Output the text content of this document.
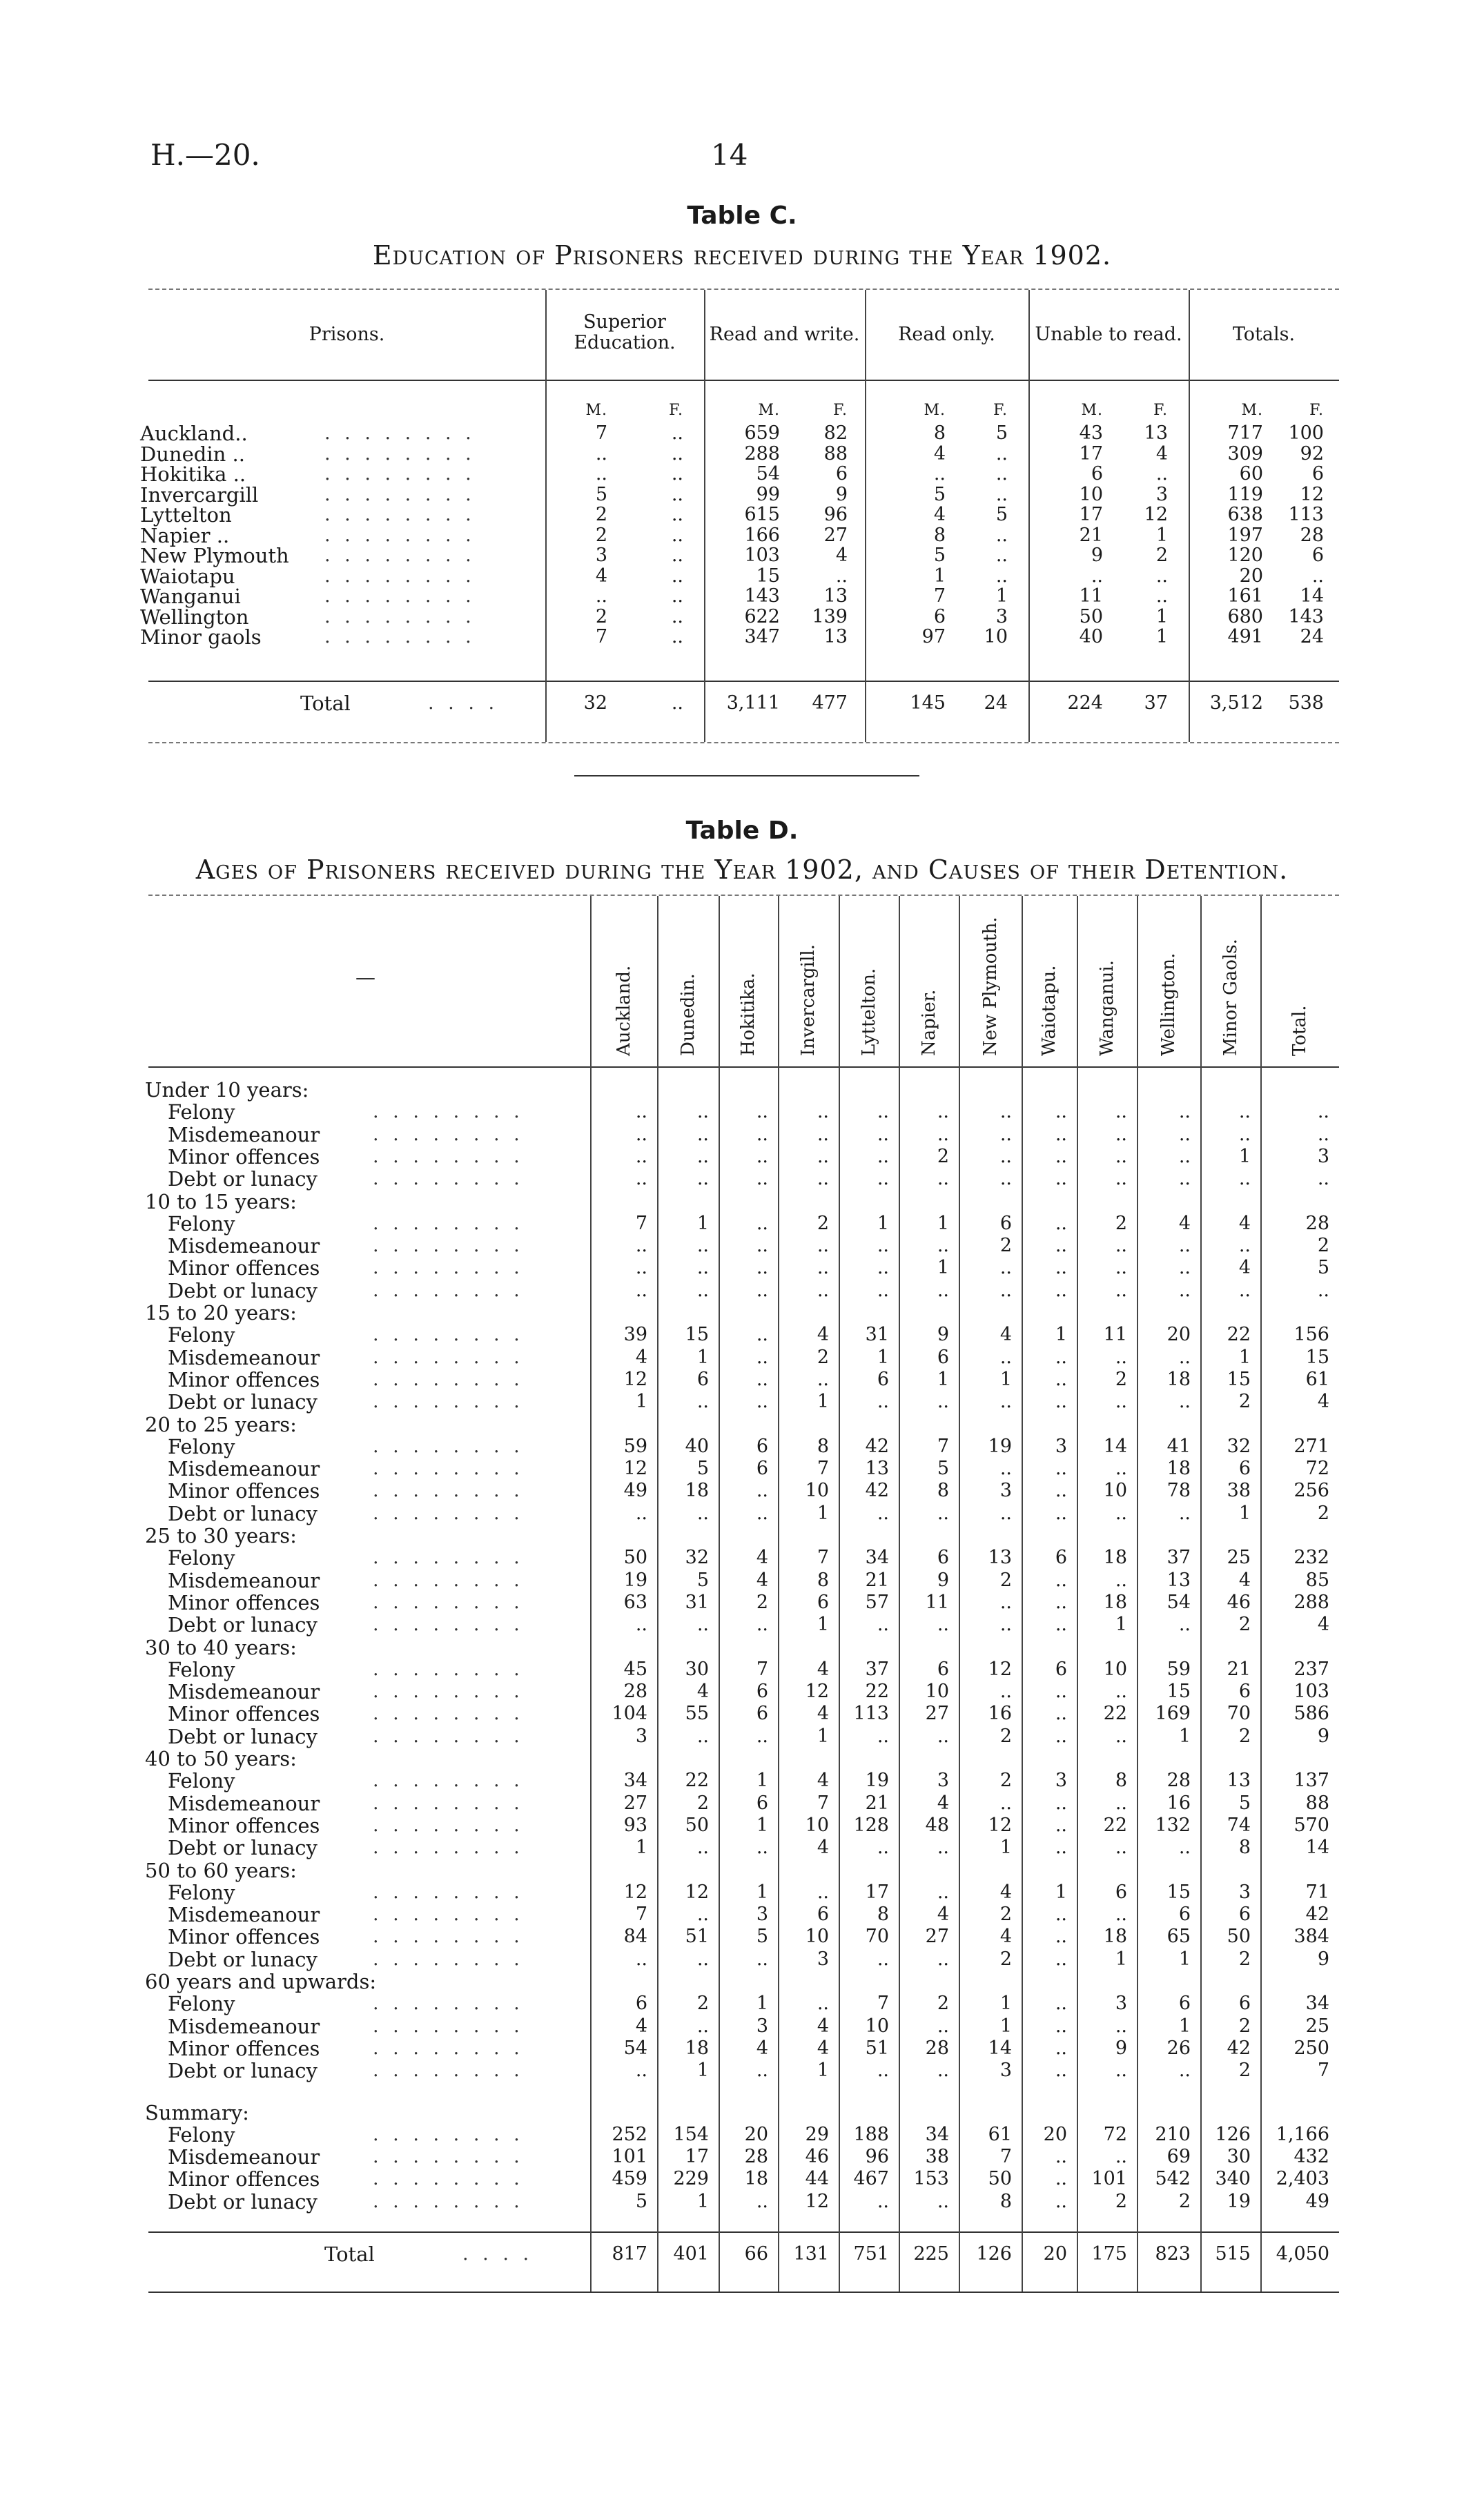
H.—20.	14
Table C.
Education of Prisoners received during the Year 1902.
Prisons.
Superior Education.	Read and write.	Read only.	Unable to read.	Totals.
M.	F.	M.	F.	M.	F.	M.	F.	M.	F.
Auckland..	. . . . . . . .	7	..	659	82	8	5	43	13	717	100
Dunedin ..	. . . . . . . .	..	..	288	88	4	..	17	4	309	92
Hokitika ..	. . . . . . . .	..	..	54	6	..	..	6	..	60	6
Invercargill	. . . . . . . .	5	..	99	9	5	..	10	3	119	12
Lyttelton	. . . . . . . .	2	..	615	96	4	5	17	12	638	113
Napier ..	. . . . . . . .	2	..	166	27	8	..	21	1	197	28
New Plymouth . . . . . . . .	3	..	103	4	5	..	9	2	120	6
Waiotapu	. . . . . . . .	4	..	15	..	1	..	..	..	20	..
Wanganui	. . . . . . . .	..	..	143	13	7	1	11	..	161	14
Wellington	. . . . . . . .	2	..	622	139	6	3	50	1	680	143
Minor gaols	. . . . . . . .	7	..	347	13	97	10	40	1	491	24
Total	. . . .	32	..	3,111	477	145	24	224	37	3,512	538
Table D.
Ages of Prisoners received during the Year 1902, and Causes of their Detention.
—	Auckland. Dunedin. Hokitika. Invercargill. Lyttelton. Napier. New Plymouth. Waiotapu. Wanganui. Wellington. Minor Gaols.	Total.
Under 10 years:
Felony	. . . . . . . .	..	..	..	..	..	..	..	..	..	..	..	..
Misdemeanour	. . . . . . . .	..	..	..	..	..	..	..	..	..	..	..	..
Minor offences	. . . . . . . .	..	..	..	..	..	2	..	..	..	..	1	3
Debt or lunacy	. . . . . . . .	..	..	..	..	..	..	..	..	..	..	..	..
10 to 15 years:
Felony	. . . . . . . .	7	1	..	2	1	1	6	..	2	4	4	28
Misdemeanour	. . . . . . . .	..	..	..	..	..	..	2	..	..	..	..	2
Minor offences	. . . . . . . .	..	..	..	..	..	1	..	..	..	..	4	5
Debt or lunacy	. . . . . . . .	..	..	..	..	..	..	..	..	..	..	..	..
15 to 20 years:
Felony	. . . . . . . .	39	15	..	4	31	9	4	1	11	20	22	156
Misdemeanour	. . . . . . . .	4	1	..	2	1	6	..	..	..	..	1	15
Minor offences	. . . . . . . .	12	6	..	..	6	1	1	..	2	18	15	61
Debt or lunacy	. . . . . . . .	1	..	..	1	..	..	..	..	..	..	2	4
20 to 25 years:
Felony	. . . . . . . .	59	40	6	8	42	7	19	3	14	41	32	271
Misdemeanour	. . . . . . . .	12	5	6	7	13	5	..	..	..	18	6	72
Minor offences	. . . . . . . .	49	18	..	10	42	8	3	..	10	78	38	256
Debt or lunacy	. . . . . . . .	..	..	..	1	..	..	..	..	..	..	1	2
25 to 30 years:
Felony	. . . . . . . .	50	32	4	7	34	6	13	6	18	37	25	232
Misdemeanour	. . . . . . . .	19	5	4	8	21	9	2	..	..	13	4	85
Minor offences	. . . . . . . .	63	31	2	6	57	11	..	..	18	54	46	288
Debt or lunacy	. . . . . . . .	..	..	..	1	..	..	..	..	1	..	2	4
30 to 40 years:
Felony	. . . . . . . .	45	30	7	4	37	6	12	6	10	59	21	237
Misdemeanour	. . . . . . . .	28	4	6	12	22	10	..	..	..	15	6	103
Minor offences	. . . . . . . .	104	55	6	4	113	27	16	..	22	169	70	586
Debt or lunacy	. . . . . . . .	3	..	..	1	..	..	2	..	..	1	2	9
40 to 50 years:
Felony	. . . . . . . .	34	22	1	4	19	3	2	3	8	28	13	137
Misdemeanour	. . . . . . . .	27	2	6	7	21	4	..	..	..	16	5	88
Minor offences	. . . . . . . .	93	50	1	10	128	48	12	..	22	132	74	570
Debt or lunacy	. . . . . . . .	1	..	..	4	..	..	1	..	..	..	8	14
50 to 60 years:
Felony	. . . . . . . .	12	12	1	..	17	..	4	1	6	15	3	71
Misdemeanour	. . . . . . . .	7	..	3	6	8	4	2	..	..	6	6	42
Minor offences	. . . . . . . .	84	51	5	10	70	27	4	..	18	65	50	384
Debt or lunacy	. . . . . . . .	..	..	..	3	..	..	2	..	1	1	2	9
60 years and upwards:
Felony	. . . . . . . .	6	2	1	..	7	2	1	..	3	6	6	34
Misdemeanour	. . . . . . . .	4	..	3	4	10	..	1	..	..	1	2	25
Minor offences	. . . . . . . .	54	18	4	4	51	28	14	..	9	26	42	250
Debt or lunacy	. . . . . . . .	..	1	..	1	..	..	3	..	..	..	2	7
Summary:
Felony	. . . . . . . .	252	154	20	29	188	34	61	20	72	210	126	1,166
Misdemeanour	. . . . . . . .	101	17	28	46	96	38	7	..	..	69	30	432
Minor offences	. . . . . . . .	459	229	18	44	467	153	50	..	101	542	340	2,403
Debt or lunacy	. . . . . . . .	5	1	..	12	..	..	8	..	2	2	19	49
Total	. . . .	817	401	66	131	751	225	126	20	175	823	515	4,050
